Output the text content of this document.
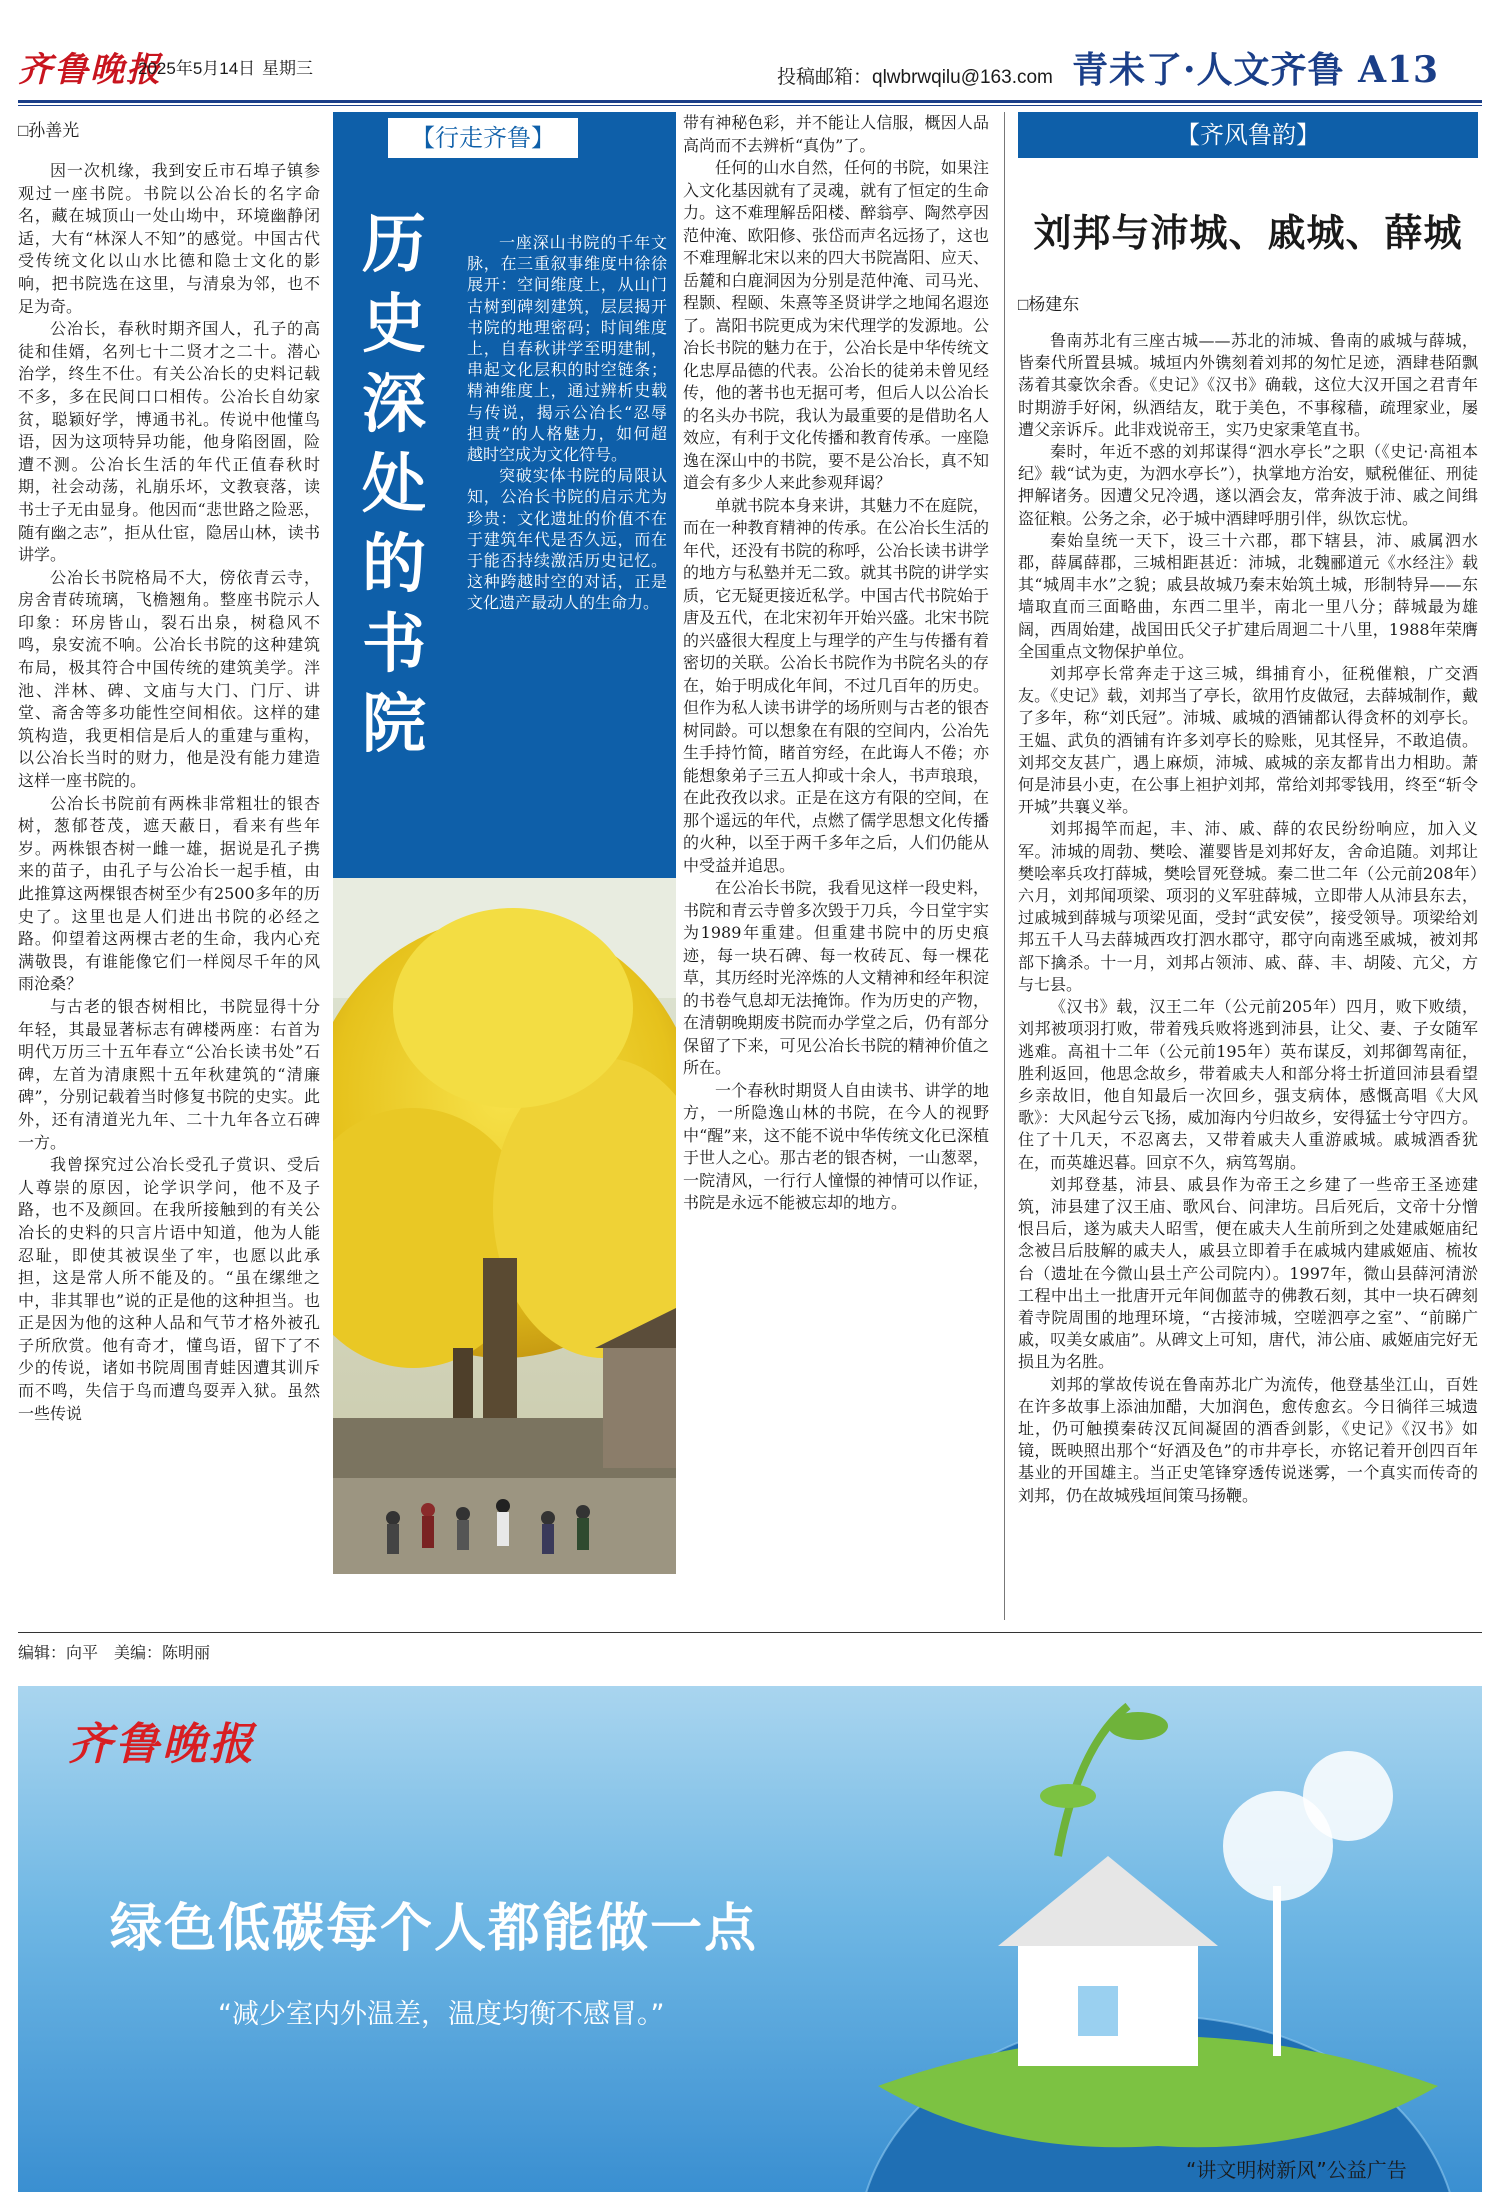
齐鲁晚报
2025年5月14日 星期三	投稿邮箱：qlwbrwqilu@163.com 青未了·人文齐鲁 A13
□孙善光

因一次机缘，我到安丘市石埠子镇参观过一座书院。书院以公冶长的名字命名，藏在城顶山一处山坳中，环境幽静闭适，大有“林深人不知”的感觉。中国古代受传统文化以山水比德和隐士文化的影响，把书院选在这里，与清泉为邻，也不足为奇。

公冶长，春秋时期齐国人，孔子的高徒和佳婿，名列七十二贤才之二十。潜心治学，终生不仕。有关公冶长的史料记载不多，多在民间口口相传。公冶长自幼家贫，聪颖好学，博通书礼。传说中他懂鸟语，因为这项特异功能，他身陷囹圄，险遭不测。公冶长生活的年代正值春秋时期，社会动荡，礼崩乐坏，文教衰落，读书士子无由显身。他因而“悲世路之险恶，随有幽之志”，拒从仕宦，隐居山林，读书讲学。

公冶长书院格局不大，傍依青云寺，房舍青砖琉璃，飞檐翘角。整座书院示人印象：环房皆山，裂石出泉，树稳风不鸣，泉安流不响。公冶长书院的这种建筑布局，极其符合中国传统的建筑美学。泮池、泮林、碑、文庙与大门、门厅、讲堂、斋舍等多功能性空间相依。这样的建筑构造，我更相信是后人的重建与重构，以公冶长当时的财力，他是没有能力建造这样一座书院的。

公冶长书院前有两株非常粗壮的银杏树，葱郁苍茂，遮天蔽日，看来有些年岁。两株银杏树一雌一雄，据说是孔子携来的苗子，由孔子与公冶长一起手植，由此推算这两棵银杏树至少有2500多年的历史了。这里也是人们进出书院的必经之路。仰望着这两棵古老的生命，我内心充满敬畏，有谁能像它们一样阅尽千年的风雨沧桑？

与古老的银杏树相比，书院显得十分年轻，其最显著标志有碑楼两座：右首为明代万历三十五年春立“公冶长读书处”石碑，左首为清康熙十五年秋建筑的“清廉碑”，分别记载着当时修复书院的史实。此外，还有清道光九年、二十九年各立石碑一方。

我曾探究过公冶长受孔子赏识、受后人尊崇的原因，论学识学问，他不及子路，也不及颜回。在我所接触到的有关公冶长的史料的只言片语中知道，他为人能忍耻，即使其被误坐了牢，也愿以此承担，这是常人所不能及的。“虽在缧绁之中，非其罪也”说的正是他的这种担当。也正是因为他的这种人品和气节才格外被孔子所欣赏。他有奇才，懂鸟语，留下了不少的传说，诸如书院周围青蛙因遭其训斥而不鸣，失信于鸟而遭鸟耍弄入狱。虽然一些传说

【行走齐鲁】
历史深处的书院

一座深山书院的千年文脉，在三重叙事维度中徐徐展开：空间维度上，从山门古树到碑刻建筑，层层揭开书院的地理密码；时间维度上，自春秋讲学至明建制，串起文化层积的时空链条；精神维度上，通过辨析史载与传说，揭示公冶长“忍辱担责”的人格魅力，如何超越时空成为文化符号。

突破实体书院的局限认知，公冶长书院的启示尤为珍贵：文化遗址的价值不在于建筑年代是否久远，而在于能否持续激活历史记忆。这种跨越时空的对话，正是文化遗产最动人的生命力。

带有神秘色彩，并不能让人信服，概因人品高尚而不去辨析“真伪”了。

任何的山水自然，任何的书院，如果注入文化基因就有了灵魂，就有了恒定的生命力。这不难理解岳阳楼、醉翁亭、陶然亭因范仲淹、欧阳修、张岱而声名远扬了，这也不难理解北宋以来的四大书院嵩阳、应天、岳麓和白鹿洞因为分别是范仲淹、司马光、程颢、程颐、朱熹等圣贤讲学之地闻名遐迩了。嵩阳书院更成为宋代理学的发源地。公冶长书院的魅力在于，公冶长是中华传统文化忠厚品德的代表。公冶长的徒弟未曾见经传，他的著书也无据可考，但后人以公冶长的名头办书院，我认为最重要的是借助名人效应，有利于文化传播和教育传承。一座隐逸在深山中的书院，要不是公冶长，真不知道会有多少人来此参观拜谒？

单就书院本身来讲，其魅力不在庭院，而在一种教育精神的传承。在公冶长生活的年代，还没有书院的称呼，公冶长读书讲学的地方与私塾并无二致。就其书院的讲学实质，它无疑更接近私学。中国古代书院始于唐及五代，在北宋初年开始兴盛。北宋书院的兴盛很大程度上与理学的产生与传播有着密切的关联。公冶长书院作为书院名头的存在，始于明成化年间，不过几百年的历史。但作为私人读书讲学的场所则与古老的银杏树同龄。可以想象在有限的空间内，公冶先生手持竹简，睹首穷经，在此诲人不倦；亦能想象弟子三五人抑或十余人，书声琅琅，在此孜孜以求。正是在这方有限的空间，在那个遥远的年代，点燃了儒学思想文化传播的火种，以至于两千多年之后，人们仍能从中受益并追思。

在公冶长书院，我看见这样一段史料，书院和青云寺曾多次毁于刀兵，今日堂宇实为1989年重建。但重建书院中的历史痕迹，每一块石碑、每一枚砖瓦、每一棵花草，其历经时光淬炼的人文精神和经年积淀的书卷气息却无法掩饰。作为历史的产物，在清朝晚期废书院而办学堂之后，仍有部分保留了下来，可见公冶长书院的精神价值之所在。

一个春秋时期贤人自由读书、讲学的地方，一所隐逸山林的书院，在今人的视野中“醒”来，这不能不说中华传统文化已深植于世人之心。那古老的银杏树，一山葱翠，一院清风，一行行人憧憬的神情可以作证，书院是永远不能被忘却的地方。

【齐风鲁韵】
刘邦与沛城、戚城、薛城
□杨建东

鲁南苏北有三座古城——苏北的沛城、鲁南的戚城与薛城，皆秦代所置县城。城垣内外镌刻着刘邦的匆忙足迹，酒肆巷陌飘荡着其豪饮余香。《史记》《汉书》确载，这位大汉开国之君青年时期游手好闲，纵酒结友，耽于美色，不事稼穑，疏理家业，屡遭父亲诉斥。此非戏说帝王，实乃史家秉笔直书。

秦时，年近不惑的刘邦谋得“泗水亭长”之职（《史记·高祖本纪》载“试为吏，为泗水亭长”），执掌地方治安，赋税催征、刑徒押解诸务。因遭父兄冷遇，遂以酒会友，常奔波于沛、戚之间缉盗征粮。公务之余，必于城中酒肆呼朋引伴，纵饮忘忧。

秦始皇统一天下，设三十六郡，郡下辖县，沛、戚属泗水郡，薛属薛郡，三城相距甚近：沛城，北魏郦道元《水经注》载其“城周丰水”之貌；戚县故城乃秦末始筑土城，形制特异——东墙取直而三面略曲，东西二里半，南北一里八分；薛城最为雄阔，西周始建，战国田氏父子扩建后周迴二十八里，1988年荣膺全国重点文物保护单位。

刘邦亭长常奔走于这三城，缉捕育小，征税催粮，广交酒友。《史记》载，刘邦当了亭长，欲用竹皮做冠，去薛城制作，戴了多年，称“刘氏冠”。沛城、戚城的酒铺都认得贪杯的刘亭长。王媪、武负的酒铺有许多刘亭长的赊账，见其怪异，不敢追债。刘邦交友甚广，遇上麻烦，沛城、戚城的亲友都肯出力相助。萧何是沛县小吏，在公事上袒护刘邦，常给刘邦零钱用，终至“斩令开城”共襄义举。

刘邦揭竿而起，丰、沛、戚、薛的农民纷纷响应，加入义军。沛城的周勃、樊哙、灌婴皆是刘邦好友，舍命追随。刘邦让樊哙率兵攻打薛城，樊哙冒死登城。秦二世二年（公元前208年）六月，刘邦闻项梁、项羽的义军驻薛城，立即带人从沛县东去，过戚城到薛城与项梁见面，受封“武安侯”，接受领导。项梁给刘邦五千人马去薛城西攻打泗水郡守，郡守向南逃至戚城，被刘邦部下擒杀。十一月，刘邦占领沛、戚、薛、丰、胡陵、亢父，方与七县。

《汉书》载，汉王二年（公元前205年）四月，败下败绩，刘邦被项羽打败，带着残兵败将逃到沛县，让父、妻、子女随军逃难。高祖十二年（公元前195年）英布谋反，刘邦御驾南征，胜利返回，他思念故乡，带着戚夫人和部分将士折道回沛县看望乡亲故旧，他自知最后一次回乡，强支病体，感慨高唱《大风歌》：大风起兮云飞扬，威加海内兮归故乡，安得猛士兮守四方。住了十几天，不忍离去，又带着戚夫人重游戚城。戚城酒香犹在，而英雄迟暮。回京不久，病笃驾崩。

刘邦登基，沛县、戚县作为帝王之乡建了一些帝王圣迹建筑，沛县建了汉王庙、歌风台、问津坊。吕后死后，文帝十分憎恨吕后，遂为戚夫人昭雪，便在戚夫人生前所到之处建戚姬庙纪念被吕后肢解的戚夫人，戚县立即着手在戚城内建戚姬庙、梳妆台（遗址在今微山县土产公司院内）。1997年，微山县薛河清淤工程中出土一批唐开元年间伽蓝寺的佛教石刻，其中一块石碑刻着寺院周围的地理环境，“古接沛城，空嗟泗亭之室”、“前睇广戚，叹美女戚庙”。从碑文上可知，唐代，沛公庙、戚姬庙完好无损且为名胜。

刘邦的掌故传说在鲁南苏北广为流传，他登基坐江山，百姓在许多故事上添油加醋，大加润色，愈传愈玄。今日徜徉三城遗址，仍可触摸秦砖汉瓦间凝固的酒香剑影，《史记》《汉书》如镜，既映照出那个“好酒及色”的市井亭长，亦铭记着开创四百年基业的开国雄主。当正史笔锋穿透传说迷雾，一个真实而传奇的刘邦，仍在故城残垣间策马扬鞭。

编辑：向平　美编：陈明丽
齐鲁晚报
绿色低碳每个人都能做一点
“减少室内外温差，温度均衡不感冒。”
“讲文明树新风”公益广告
